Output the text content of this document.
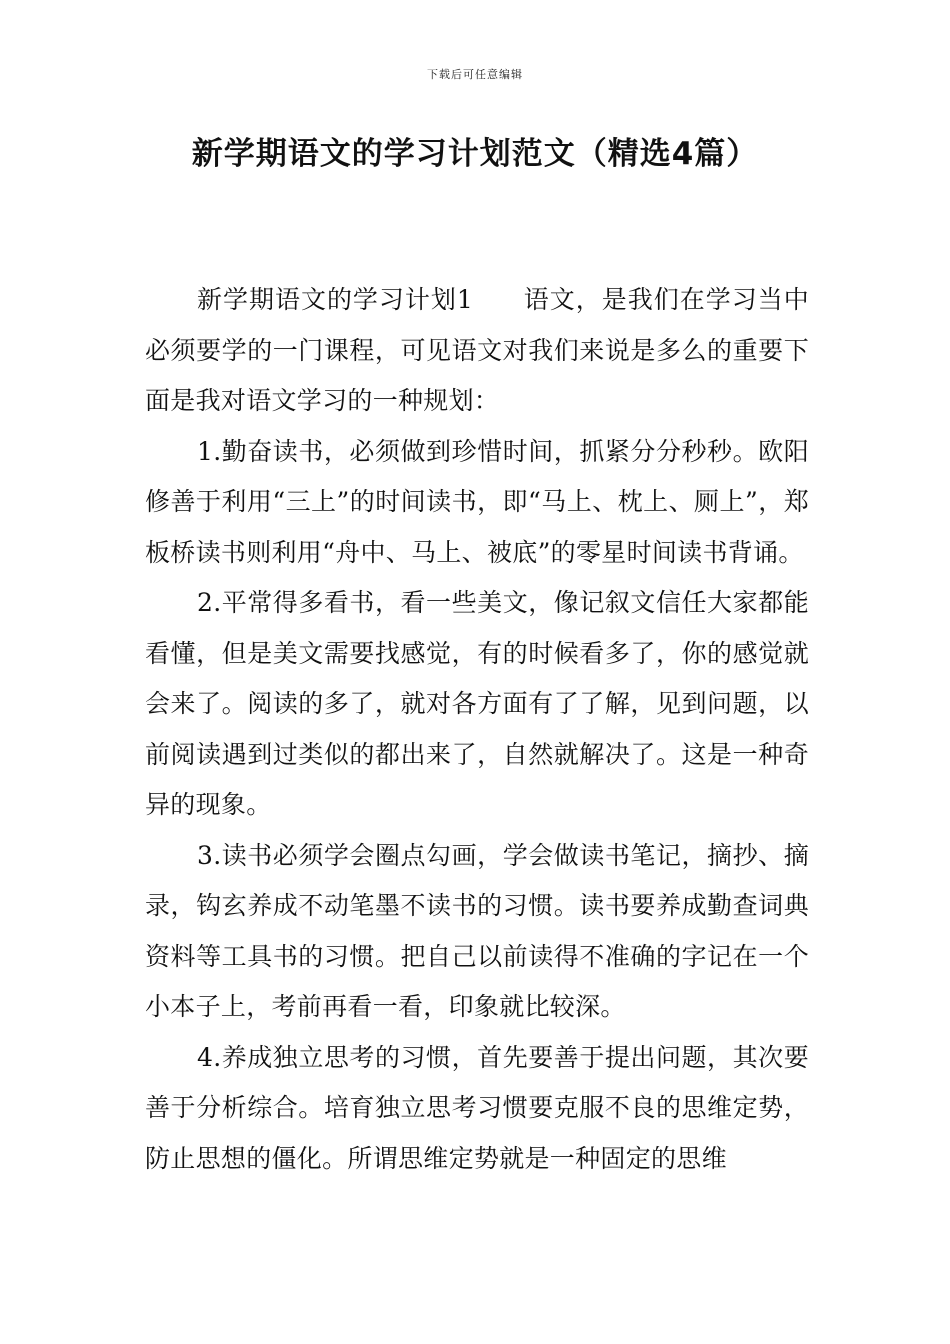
下载后可任意编辑
新学期语文的学习计划范文（精选4篇）

新学期语文的学习计划1 语文，是我们在学习当中必须要学的一门课程，可见语文对我们来说是多么的重要下面是我对语文学习的一种规划：

1.勤奋读书，必须做到珍惜时间，抓紧分分秒秒。欧阳修善于利用“三上”的时间读书，即“马上、枕上、厕上”，郑板桥读书则利用“舟中、马上、被底”的零星时间读书背诵。

2.平常得多看书，看一些美文，像记叙文信任大家都能看懂，但是美文需要找感觉，有的时候看多了，你的感觉就会来了。阅读的多了，就对各方面有了了解，见到问题，以前阅读遇到过类似的都出来了，自然就解决了。这是一种奇异的现象。

3.读书必须学会圈点勾画，学会做读书笔记，摘抄、摘录，钩玄养成不动笔墨不读书的习惯。读书要养成勤查词典资料等工具书的习惯。把自己以前读得不准确的字记在一个小本子上，考前再看一看，印象就比较深。

4.养成独立思考的习惯，首先要善于提出问题，其次要善于分析综合。培育独立思考习惯要克服不良的思维定势，防止思想的僵化。所谓思维定势就是一种固定的思维
